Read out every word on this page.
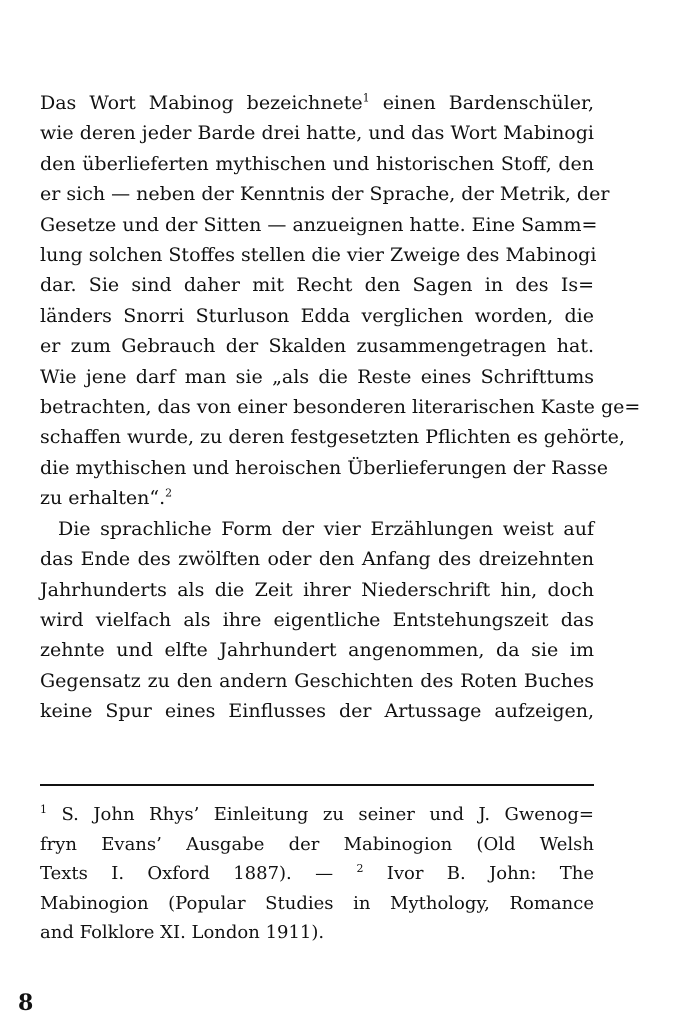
Das Wort Mabinog bezeichnete$^1$ einen Bardenschüler,
wie deren jeder Barde drei hatte, und das Wort Mabinogi
den überlieferten mythischen und historischen Stoff, den
er sich — neben der Kenntnis der Sprache, der Metrik, der
Gesetze und der Sitten — anzueignen hatte. Eine Samm=
lung solchen Stoffes stellen die vier Zweige des Mabinogi
dar. Sie sind daher mit Recht den Sagen in des Is=
länders Snorri Sturluson Edda verglichen worden, die
er zum Gebrauch der Skalden zusammengetragen hat.
Wie jene darf man sie „als die Reste eines Schrifttums
betrachten, das von einer besonderen literarischen Kaste ge=
schaffen wurde, zu deren festgesetzten Pflichten es gehörte,
die mythischen und heroischen Überlieferungen der Rasse
zu erhalten“.$^2$

Die sprachliche Form der vier Erzählungen weist auf
das Ende des zwölften oder den Anfang des dreizehnten
Jahrhunderts als die Zeit ihrer Niederschrift hin, doch
wird vielfach als ihre eigentliche Entstehungszeit das
zehnte und elfte Jahrhundert angenommen, da sie im
Gegensatz zu den andern Geschichten des Roten Buches
keine Spur eines Einflusses der Artussage aufzeigen,

$^1$ S. John Rhys’ Einleitung zu seiner und J. Gwenog=
fryn Evans’ Ausgabe der Mabinogion (Old Welsh
Texts I. Oxford 1887). — $^2$ Ivor B. John: The
Mabinogion (Popular Studies in Mythology, Romance
and Folklore XI. London 1911).
8
